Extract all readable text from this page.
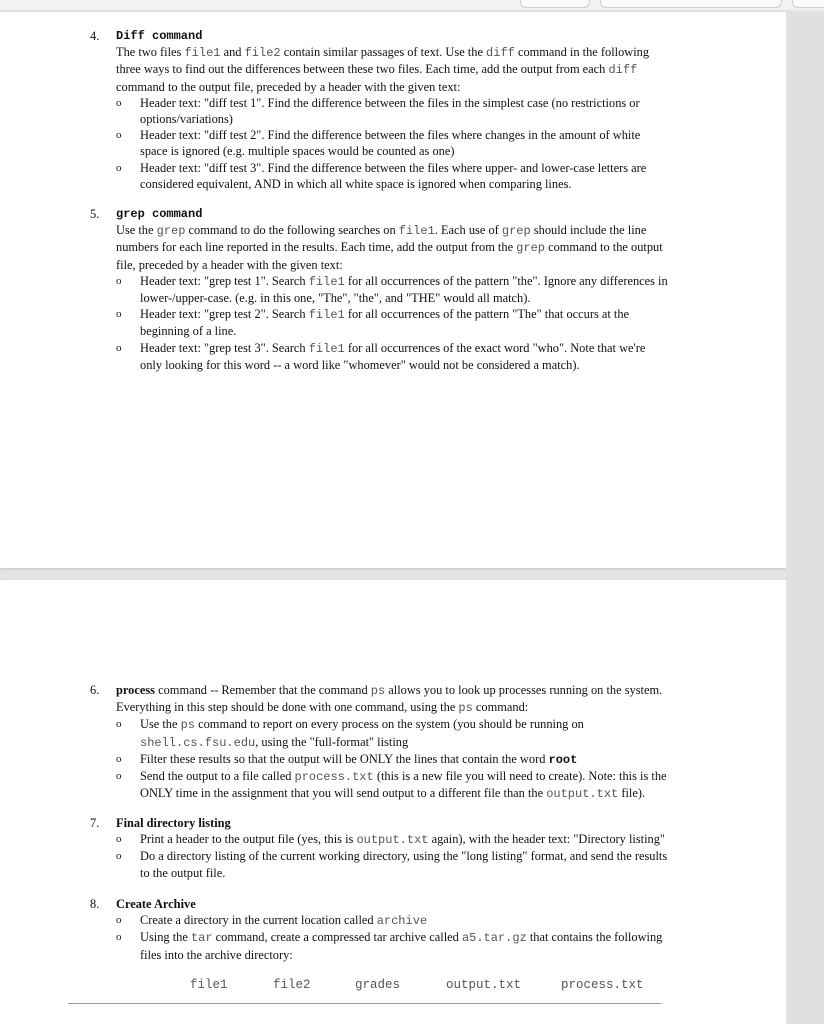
4.	Diff command
The two files file1 and file2 contain similar passages of text. Use the diff command in the following three ways to find out the differences between these two files. Each time, add the output from each diff command to the output file, preceded by a header with the given text:
o Header text: "diff test 1". Find the difference between the files in the simplest case (no restrictions or options/variations)
o Header text: "diff test 2". Find the difference between the files where changes in the amount of white space is ignored (e.g. multiple spaces would be counted as one)
o Header text: "diff test 3". Find the difference between the files where upper- and lower-case letters are considered equivalent, AND in which all white space is ignored when comparing lines.
5.	grep command
Use the grep command to do the following searches on file1. Each use of grep should include the line numbers for each line reported in the results. Each time, add the output from the grep command to the output file, preceded by a header with the given text:
o Header text: "grep test 1". Search file1 for all occurrences of the pattern "the". Ignore any differences in lower-/upper-case. (e.g. in this one, "The", "the", and "THE" would all match).
o Header text: "grep test 2". Search file1 for all occurrences of the pattern "The" that occurs at the beginning of a line.
o Header text: "grep test 3". Search file1 for all occurrences of the exact word "who". Note that we're only looking for this word -- a word like "whomever" would not be considered a match).
6.	process command -- Remember that the command ps allows you to look up processes running on the system. Everything in this step should be done with one command, using the ps command:
o Use the ps command to report on every process on the system (you should be running on shell.cs.fsu.edu, using the "full-format" listing
o Filter these results so that the output will be ONLY the lines that contain the word root
o Send the output to a file called process.txt (this is a new file you will need to create). Note: this is the ONLY time in the assignment that you will send output to a different file than the output.txt file).
7.	Final directory listing
o Print a header to the output file (yes, this is output.txt again), with the header text: "Directory listing"
o Do a directory listing of the current working directory, using the "long listing" format, and send the results to the output file.
8.	Create Archive
o Create a directory in the current location called archive
o Using the tar command, create a compressed tar archive called a5.tar.gz that contains the following files into the archive directory:
file1	file2	grades	output.txt	process.txt
